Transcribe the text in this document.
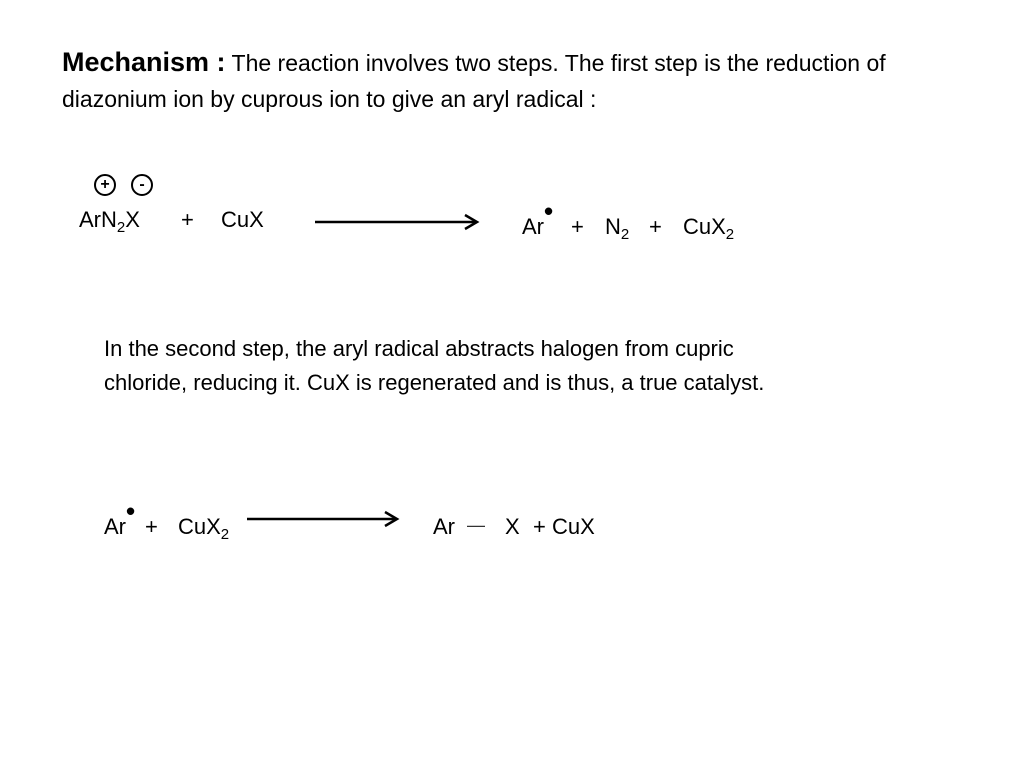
Mechanism : The reaction involves two steps. The first step is the reduction of diazonium ion by cuprous ion to give an aryl radical :
+	-
ArN$_2$X + CuX	Ar•
+ $N_2 + CuX_2$
In the second step, the aryl radical abstracts halogen from cupric chloride, reducing it. CuX is regenerated and is thus, a true catalyst.
Ar•
+ CuX$_2$	Ar — X + CuX
